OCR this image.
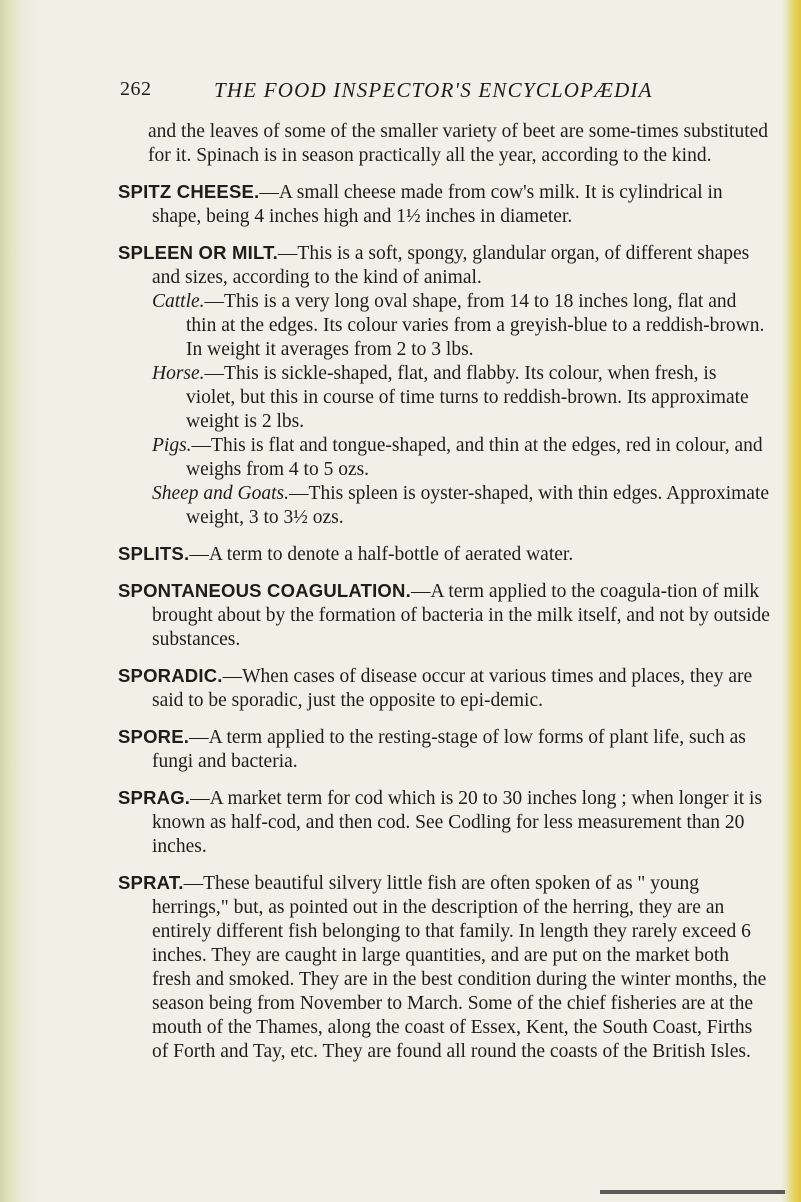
262	THE FOOD INSPECTOR'S ENCYCLOPÆDIA

and the leaves of some of the smaller variety of beet are some-times substituted for it. Spinach is in season practically all the year, according to the kind.

SPITZ CHEESE.—A small cheese made from cow's milk. It is cylindrical in shape, being 4 inches high and 1½ inches in diameter.

SPLEEN OR MILT.—This is a soft, spongy, glandular organ, of different shapes and sizes, according to the kind of animal.

Cattle.—This is a very long oval shape, from 14 to 18 inches long, flat and thin at the edges. Its colour varies from a greyish-blue to a reddish-brown. In weight it averages from 2 to 3 lbs.

Horse.—This is sickle-shaped, flat, and flabby. Its colour, when fresh, is violet, but this in course of time turns to reddish-brown. Its approximate weight is 2 lbs.

Pigs.—This is flat and tongue-shaped, and thin at the edges, red in colour, and weighs from 4 to 5 ozs.

Sheep and Goats.—This spleen is oyster-shaped, with thin edges. Approximate weight, 3 to 3½ ozs.

SPLITS.—A term to denote a half-bottle of aerated water.

SPONTANEOUS COAGULATION.—A term applied to the coagula-tion of milk brought about by the formation of bacteria in the milk itself, and not by outside substances.

SPORADIC.—When cases of disease occur at various times and places, they are said to be sporadic, just the opposite to epi-demic.

SPORE.—A term applied to the resting-stage of low forms of plant life, such as fungi and bacteria.

SPRAG.—A market term for cod which is 20 to 30 inches long ; when longer it is known as half-cod, and then cod. See Codling for less measurement than 20 inches.

SPRAT.—These beautiful silvery little fish are often spoken of as " young herrings," but, as pointed out in the description of the herring, they are an entirely different fish belonging to that family. In length they rarely exceed 6 inches. They are caught in large quantities, and are put on the market both fresh and smoked. They are in the best condition during the winter months, the season being from November to March. Some of the chief fisheries are at the mouth of the Thames, along the coast of Essex, Kent, the South Coast, Firths of Forth and Tay, etc. They are found all round the coasts of the British Isles.
